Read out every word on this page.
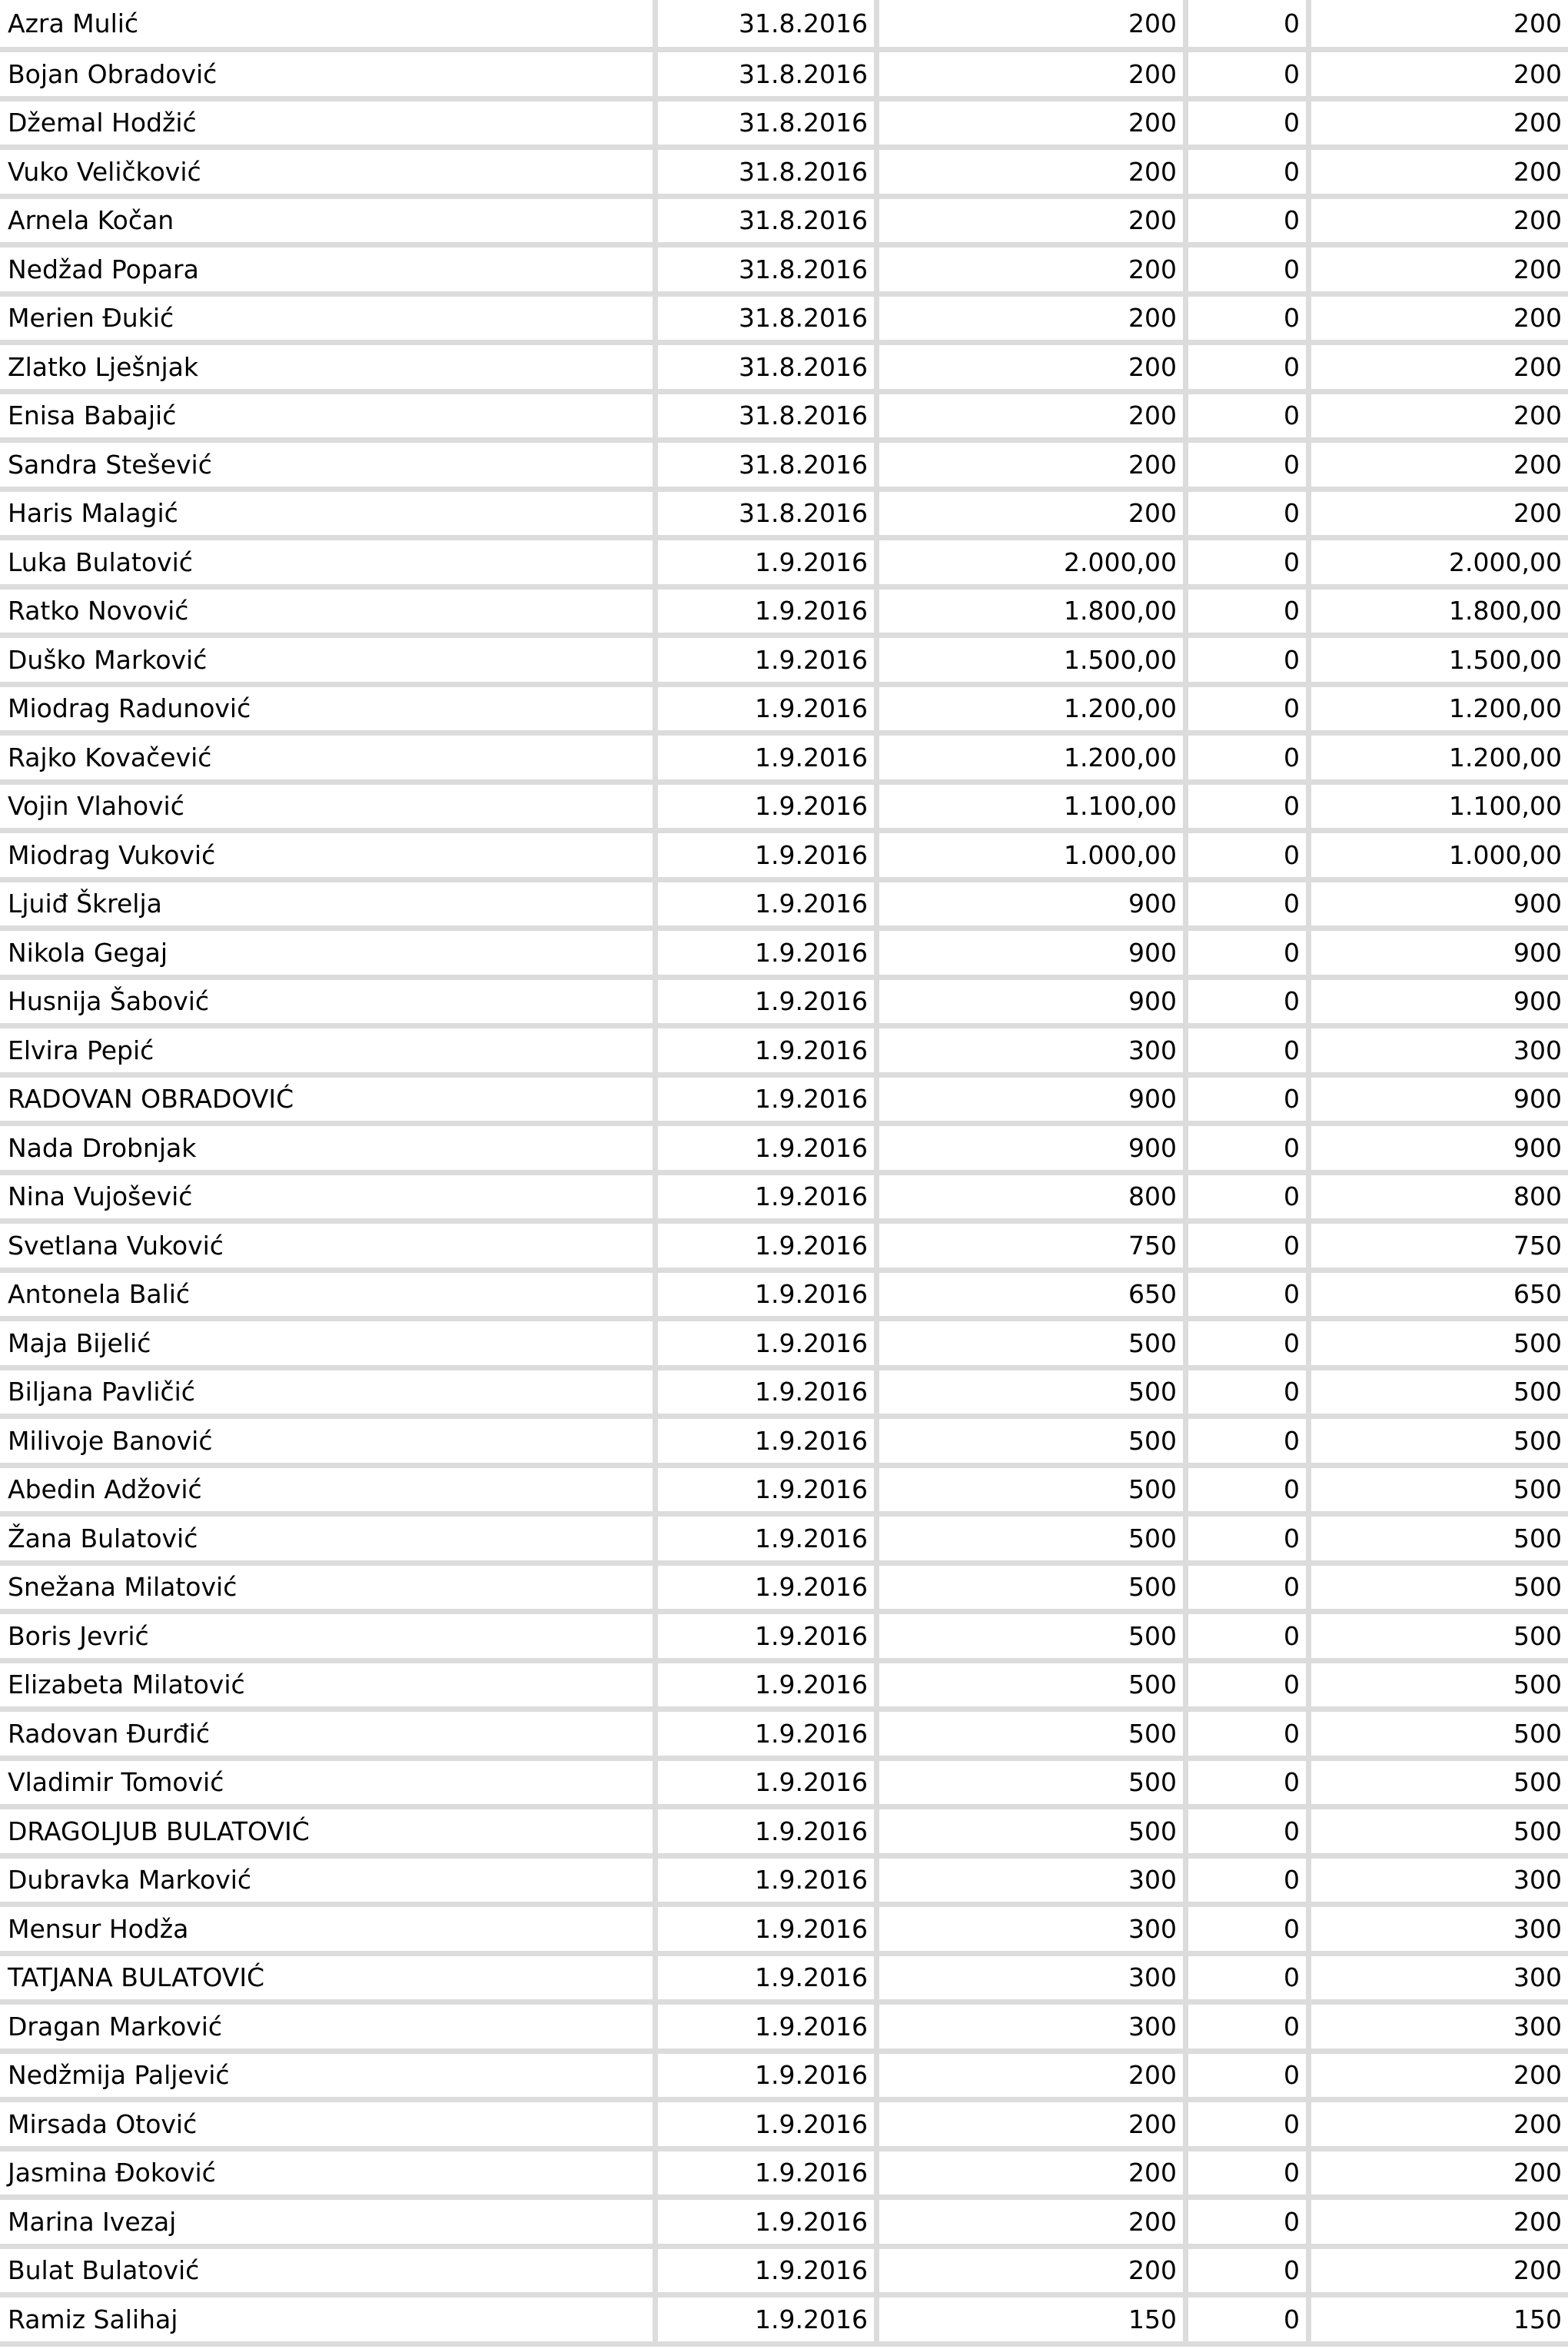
Azra Mulić	31.8.2016	200	0	200
Bojan Obradović	31.8.2016	200	0	200
Džemal Hodžić	31.8.2016	200	0	200
Vuko Veličković	31.8.2016	200	0	200
Arnela Kočan	31.8.2016	200	0	200
Nedžad Popara	31.8.2016	200	0	200
Merien Đukić	31.8.2016	200	0	200
Zlatko Lješnjak	31.8.2016	200	0	200
Enisa Babajić	31.8.2016	200	0	200
Sandra Stešević	31.8.2016	200	0	200
Haris Malagić	31.8.2016	200	0	200
Luka Bulatović	1.9.2016	2.000,00	0	2.000,00
Ratko Novović	1.9.2016	1.800,00	0	1.800,00
Duško Marković	1.9.2016	1.500,00	0	1.500,00
Miodrag Radunović	1.9.2016	1.200,00	0	1.200,00
Rajko Kovačević	1.9.2016	1.200,00	0	1.200,00
Vojin Vlahović	1.9.2016	1.100,00	0	1.100,00
Miodrag Vuković	1.9.2016	1.000,00	0	1.000,00
Ljuiđ Škrelja	1.9.2016	900	0	900
Nikola Gegaj	1.9.2016	900	0	900
Husnija Šabović	1.9.2016	900	0	900
Elvira Pepić	1.9.2016	300	0	300
RADOVAN OBRADOVIĆ	1.9.2016	900	0	900
Nada Drobnjak	1.9.2016	900	0	900
Nina Vujošević	1.9.2016	800	0	800
Svetlana Vuković	1.9.2016	750	0	750
Antonela Balić	1.9.2016	650	0	650
Maja Bijelić	1.9.2016	500	0	500
Biljana Pavličić	1.9.2016	500	0	500
Milivoje Banović	1.9.2016	500	0	500
Abedin Adžović	1.9.2016	500	0	500
Žana Bulatović	1.9.2016	500	0	500
Snežana Milatović	1.9.2016	500	0	500
Boris Jevrić	1.9.2016	500	0	500
Elizabeta Milatović	1.9.2016	500	0	500
Radovan Đurđić	1.9.2016	500	0	500
Vladimir Tomović	1.9.2016	500	0	500
DRAGOLJUB BULATOVIĆ	1.9.2016	500	0	500
Dubravka Marković	1.9.2016	300	0	300
Mensur Hodža	1.9.2016	300	0	300
TATJANA BULATOVIĆ	1.9.2016	300	0	300
Dragan Marković	1.9.2016	300	0	300
Nedžmija Paljević	1.9.2016	200	0	200
Mirsada Otović	1.9.2016	200	0	200
Jasmina Đoković	1.9.2016	200	0	200
Marina Ivezaj	1.9.2016	200	0	200
Bulat Bulatović	1.9.2016	200	0	200
Ramiz Salihaj	1.9.2016	150	0	150
